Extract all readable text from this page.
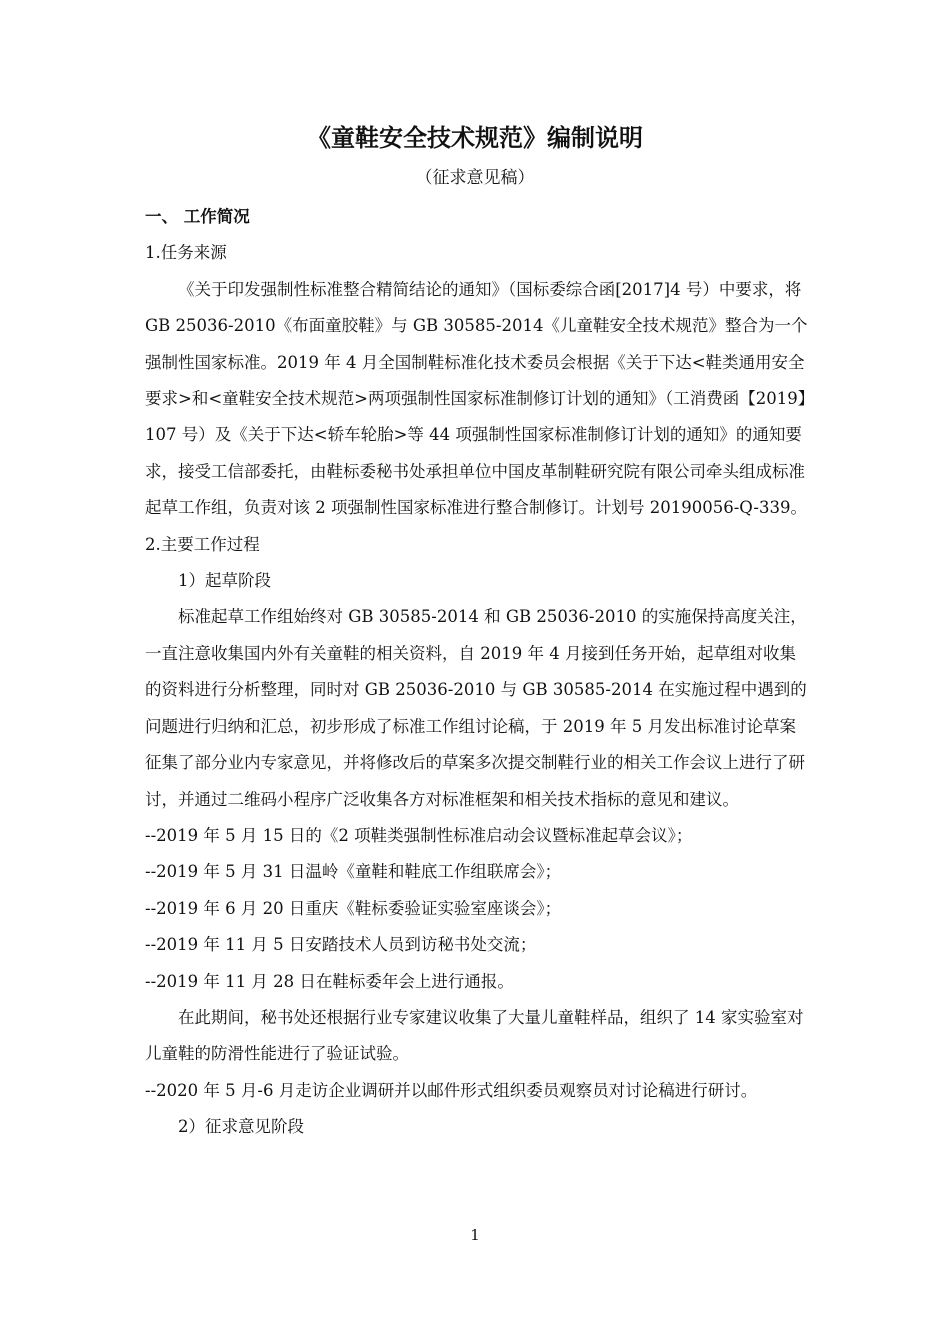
《童鞋安全技术规范》编制说明

（征求意见稿）

一、 工作简况

1.任务来源

《关于印发强制性标准整合精简结论的通知》（国标委综合函[2017]4 号）中要求，将 GB 25036-2010《布面童胶鞋》与 GB 30585-2014《儿童鞋安全技术规范》整合为一个强制性国家标准。2019 年 4 月全国制鞋标准化技术委员会根据《关于下达<鞋类通用安全要求>和<童鞋安全技术规范>两项强制性国家标准制修订计划的通知》（工消费函【2019】107 号）及《关于下达<轿车轮胎>等 44 项强制性国家标准制修订计划的通知》的通知要求，接受工信部委托，由鞋标委秘书处承担单位中国皮革制鞋研究院有限公司牵头组成标准起草工作组，负责对该 2 项强制性国家标准进行整合制修订。计划号 20190056-Q-339。

2.主要工作过程

1）起草阶段

标准起草工作组始终对 GB 30585-2014 和 GB 25036-2010 的实施保持高度关注，一直注意收集国内外有关童鞋的相关资料，自 2019 年 4 月接到任务开始，起草组对收集的资料进行分析整理，同时对 GB 25036-2010 与 GB 30585-2014 在实施过程中遇到的问题进行归纳和汇总，初步形成了标准工作组讨论稿，于 2019 年 5 月发出标准讨论草案征集了部分业内专家意见，并将修改后的草案多次提交制鞋行业的相关工作会议上进行了研讨，并通过二维码小程序广泛收集各方对标准框架和相关技术指标的意见和建议。

--2019 年 5 月 15 日的《2 项鞋类强制性标准启动会议暨标准起草会议》；

--2019 年 5 月 31 日温岭《童鞋和鞋底工作组联席会》；

--2019 年 6 月 20 日重庆《鞋标委验证实验室座谈会》；

--2019 年 11 月 5 日安踏技术人员到访秘书处交流；

--2019 年 11 月 28 日在鞋标委年会上进行通报。

在此期间，秘书处还根据行业专家建议收集了大量儿童鞋样品，组织了 14 家实验室对儿童鞋的防滑性能进行了验证试验。

--2020 年 5 月-6 月走访企业调研并以邮件形式组织委员观察员对讨论稿进行研讨。

2）征求意见阶段

1
